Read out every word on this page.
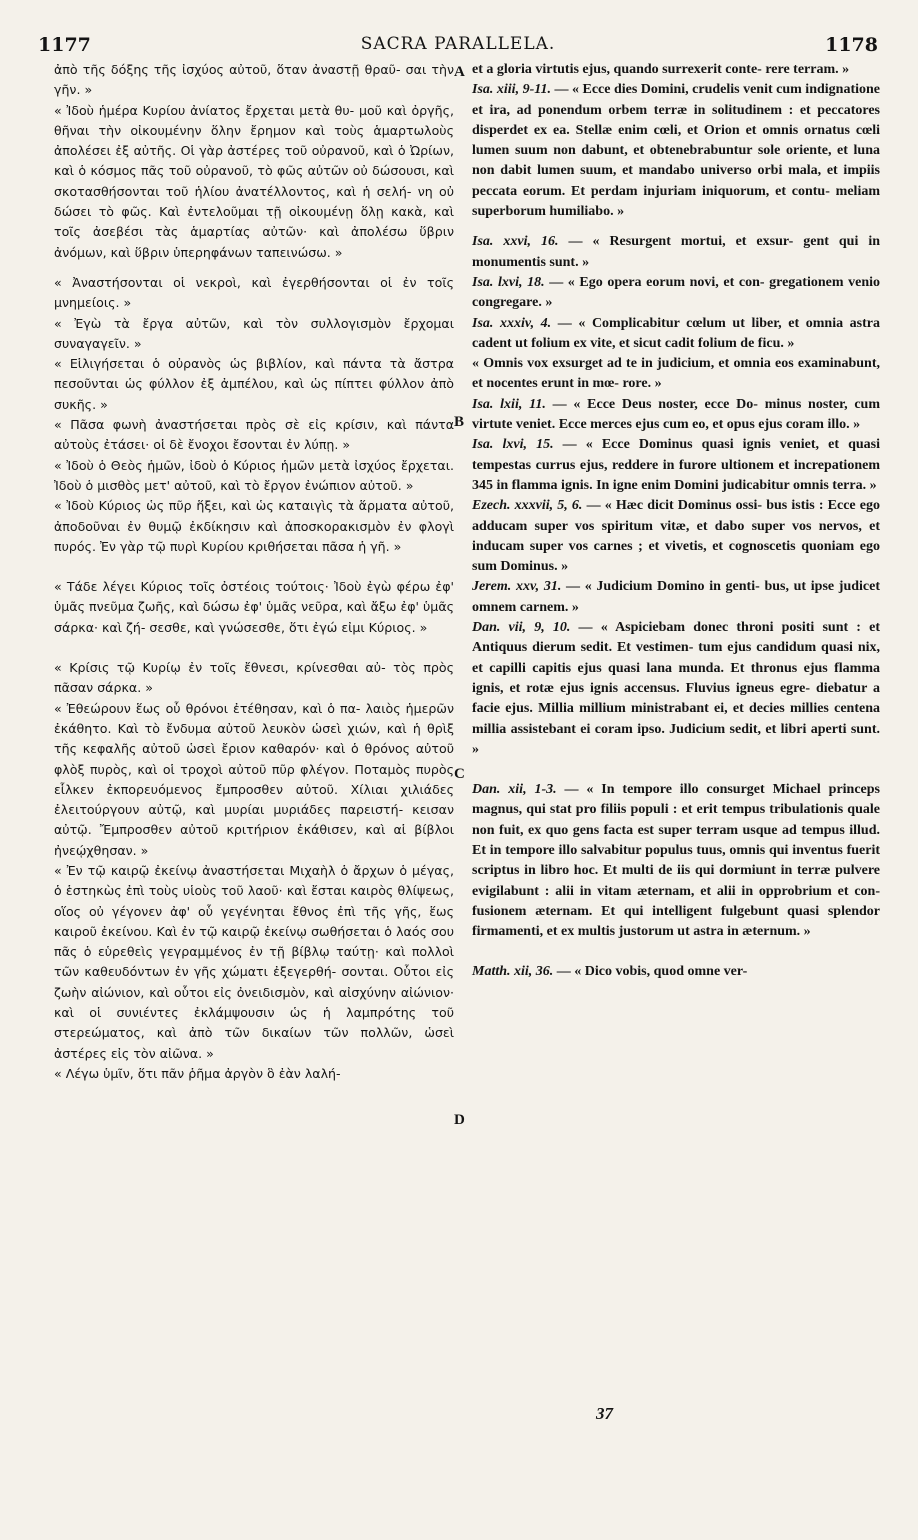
1177	SACRA PARALLELA.	1178

ἀπὸ τῆς δόξης τῆς ἰσχύος αὐτοῦ, ὅταν ἀναστῇ θραῦ- σαι τὴν γῆν. »

« Ἰδοὺ ἡμέρα Κυρίου ἀνίατος ἔρχεται μετὰ θυ- μοῦ καὶ ὀργῆς, θῆναι τὴν οἰκουμένην ὅλην ἔρημον καὶ τοὺς ἁμαρτωλοὺς ἀπολέσει ἐξ αὐτῆς. Οἱ γὰρ ἀστέρες τοῦ οὐρανοῦ, καὶ ὁ Ὠρίων, καὶ ὁ κόσμος πᾶς τοῦ οὐρανοῦ, τὸ φῶς αὐτῶν οὐ δώσουσι, καὶ σκοτασθήσονται τοῦ ἡλίου ἀνατέλλοντος, καὶ ἡ σελή- νη οὐ δώσει τὸ φῶς. Καὶ ἐντελοῦμαι τῇ οἰκουμένῃ ὅλῃ κακὰ, καὶ τοῖς ἀσεβέσι τὰς ἁμαρτίας αὐτῶν· καὶ ἀπολέσω ὕβριν ἀνόμων, καὶ ὕβριν ὑπερηφάνων ταπεινώσω. »

« Ἀναστήσονται οἱ νεκροὶ, καὶ ἐγερθήσονται οἱ ἐν τοῖς μνημείοις. »

« Ἐγὼ τὰ ἔργα αὐτῶν, καὶ τὸν συλλογισμὸν ἔρχομαι συναγαγεῖν. »

« Εἱλιγήσεται ὁ οὐρανὸς ὡς βιβλίον, καὶ πάντα τὰ ἄστρα πεσοῦνται ὡς φύλλον ἐξ ἀμπέλου, καὶ ὡς πίπτει φύλλον ἀπὸ συκῆς. »

« Πᾶσα φωνὴ ἀναστήσεται πρὸς σὲ εἰς κρίσιν, καὶ πάντα αὐτοὺς ἐτάσει· οἱ δὲ ἔνοχοι ἔσονται ἐν λύπῃ. »

« Ἰδοὺ ὁ Θεὸς ἡμῶν, ἰδοὺ ὁ Κύριος ἡμῶν μετὰ ἰσχύος ἔρχεται. Ἰδοὺ ὁ μισθὸς μετ' αὐτοῦ, καὶ τὸ ἔργον ἐνώπιον αὐτοῦ. »

« Ἰδοὺ Κύριος ὡς πῦρ ἥξει, καὶ ὡς καταιγὶς τὰ ἅρματα αὐτοῦ, ἀποδοῦναι ἐν θυμῷ ἐκδίκησιν καὶ ἀποσκορακισμὸν ἐν φλογὶ πυρός. Ἐν γὰρ τῷ πυρὶ Κυρίου κριθήσεται πᾶσα ἡ γῆ. »

« Τάδε λέγει Κύριος τοῖς ὀστέοις τούτοις· Ἰδοὺ ἐγὼ φέρω ἐφ' ὑμᾶς πνεῦμα ζωῆς, καὶ δώσω ἐφ' ὑμᾶς νεῦρα, καὶ ἄξω ἐφ' ὑμᾶς σάρκα· καὶ ζή- σεσθε, καὶ γνώσεσθε, ὅτι ἐγώ εἰμι Κύριος. »

« Κρίσις τῷ Κυρίῳ ἐν τοῖς ἔθνεσι, κρίνεσθαι αὐ- τὸς πρὸς πᾶσαν σάρκα. »

« Ἐθεώρουν ἕως οὗ θρόνοι ἐτέθησαν, καὶ ὁ πα- λαιὸς ἡμερῶν ἐκάθητο. Καὶ τὸ ἔνδυμα αὐτοῦ λευκὸν ὡσεὶ χιών, καὶ ἡ θρὶξ τῆς κεφαλῆς αὐτοῦ ὡσεὶ ἔριον καθαρόν· καὶ ὁ θρόνος αὐτοῦ φλὸξ πυρὸς, καὶ οἱ τροχοὶ αὐτοῦ πῦρ φλέγον. Ποταμὸς πυρὸς εἷλκεν ἐκπορευόμενος ἔμπροσθεν αὐτοῦ. Χίλιαι χιλιάδες ἐλειτούργουν αὐτῷ, καὶ μυρίαι μυριάδες παρειστή- κεισαν αὐτῷ. Ἔμπροσθεν αὐτοῦ κριτήριον ἐκάθισεν, καὶ αἱ βίβλοι ἠνεῴχθησαν. »

« Ἐν τῷ καιρῷ ἐκείνῳ ἀναστήσεται Μιχαὴλ ὁ ἄρχων ὁ μέγας, ὁ ἑστηκὼς ἐπὶ τοὺς υἱοὺς τοῦ λαοῦ· καὶ ἔσται καιρὸς θλίψεως, οἵος οὐ γέγονεν ἀφ' οὗ γεγένηται ἔθνος ἐπὶ τῆς γῆς, ἕως καιροῦ ἐκείνου. Καὶ ἐν τῷ καιρῷ ἐκείνῳ σωθήσεται ὁ λαός σου πᾶς ὁ εὑρεθεὶς γεγραμμένος ἐν τῇ βίβλῳ ταύτῃ· καὶ πολλοὶ τῶν καθευδόντων ἐν γῆς χώματι ἐξεγερθή- σονται. Οὗτοι εἰς ζωὴν αἰώνιον, καὶ οὗτοι εἰς ὀνειδισμὸν, καὶ αἰσχύνην αἰώνιον· καὶ οἱ συνιέντες ἐκλάμψουσιν ὡς ἡ λαμπρότης τοῦ στερεώματος, καὶ ἀπὸ τῶν δικαίων τῶν πολλῶν, ὡσεὶ ἀστέρες εἰς τὸν αἰῶνα. »

« Λέγω ὑμῖν, ὅτι πᾶν ῥῆμα ἀργὸν ὃ ἐὰν λαλή-

A
B
C
D

et a gloria virtutis ejus, quando surrexerit conte- rere terram. »

Isa. xiii, 9-11. — « Ecce dies Domini, crudelis venit cum indignatione et ira, ad ponendum orbem terræ in solitudinem : et peccatores disperdet ex ea. Stellæ enim cœli, et Orion et omnis ornatus cœli lumen suum non dabunt, et obtenebrabuntur sole oriente, et luna non dabit lumen suum, et mandabo universo orbi mala, et impiis peccata eorum. Et perdam injuriam iniquorum, et contu- meliam superborum humiliabo. »

Isa. xxvi, 16. — « Resurgent mortui, et exsur- gent qui in monumentis sunt. »

Isa. lxvi, 18. — « Ego opera eorum novi, et con- gregationem venio congregare. »

Isa. xxxiv, 4. — « Complicabitur cœlum ut liber, et omnia astra cadent ut folium ex vite, et sicut cadit folium de ficu. »

« Omnis vox exsurget ad te in judicium, et omnia eos examinabunt, et nocentes erunt in mœ- rore. »

Isa. lxii, 11. — « Ecce Deus noster, ecce Do- minus noster, cum virtute veniet. Ecce merces ejus cum eo, et opus ejus coram illo. »

Isa. lxvi, 15. — « Ecce Dominus quasi ignis veniet, et quasi tempestas currus ejus, reddere in furore ultionem et increpationem 345 in flamma ignis. In igne enim Domini judicabitur omnis terra. »

Ezech. xxxvii, 5, 6. — « Hæc dicit Dominus ossi- bus istis : Ecce ego adducam super vos spiritum vitæ, et dabo super vos nervos, et inducam super vos carnes ; et vivetis, et cognoscetis quoniam ego sum Dominus. »

Jerem. xxv, 31. — « Judicium Domino in genti- bus, ut ipse judicet omnem carnem. »

Dan. vii, 9, 10. — « Aspiciebam donec throni positi sunt : et Antiquus dierum sedit. Et vestimen- tum ejus candidum quasi nix, et capilli capitis ejus quasi lana munda. Et thronus ejus flamma ignis, et rotæ ejus ignis accensus. Fluvius igneus egre- diebatur a facie ejus. Millia millium ministrabant ei, et decies millies centena millia assistebant ei coram ipso. Judicium sedit, et libri aperti sunt. »

Dan. xii, 1-3. — « In tempore illo consurget Michael princeps magnus, qui stat pro filiis populi : et erit tempus tribulationis quale non fuit, ex quo gens facta est super terram usque ad tempus illud. Et in tempore illo salvabitur populus tuus, omnis qui inventus fuerit scriptus in libro hoc. Et multi de iis qui dormiunt in terræ pulvere evigilabunt : alii in vitam æternam, et alii in opprobrium et con- fusionem æternam. Et qui intelligent fulgebunt quasi splendor firmamenti, et ex multis justorum ut astra in æternum. »

Matth. xii, 36. — « Dico vobis, quod omne ver-

37
